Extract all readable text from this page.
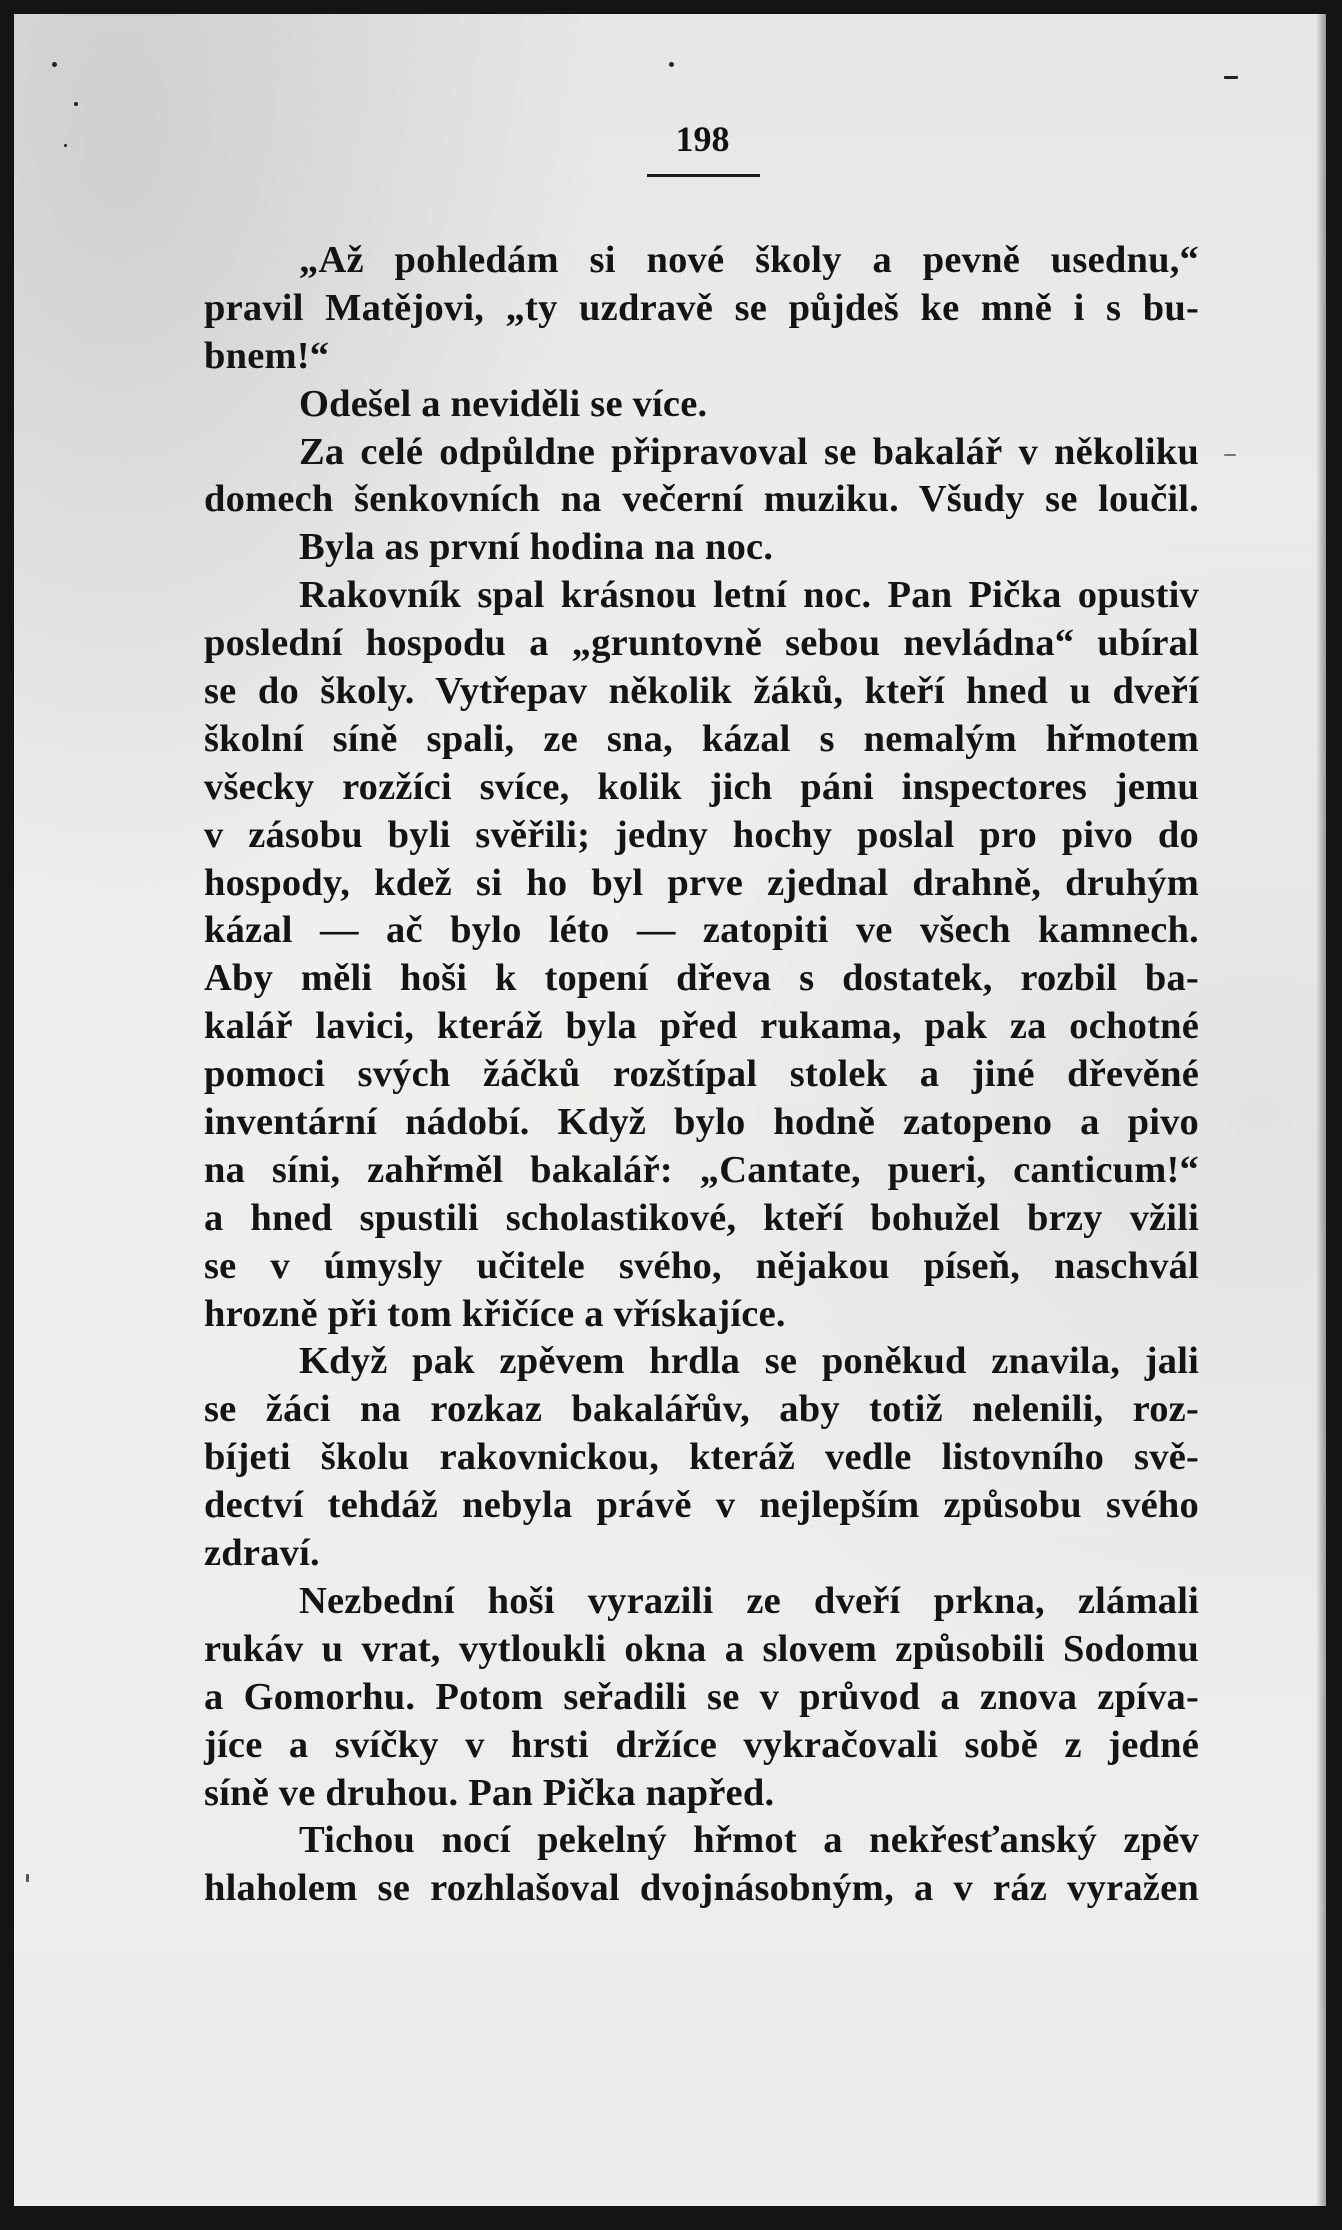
198
„Až pohledám si nové školy a pevně usednu,“
pravil Matějovi, „ty uzdravě se půjdeš ke mně i s bu-
bnem!“
Odešel a neviděli se více.
Za celé odpůldne připravoval se bakalář v několiku
domech šenkovních na večerní muziku. Všudy se loučil.
Byla as první hodina na noc.
Rakovník spal krásnou letní noc. Pan Pička opustiv
poslední hospodu a „gruntovně sebou nevládna“ ubíral
se do školy. Vytřepav několik žáků, kteří hned u dveří
školní síně spali, ze sna, kázal s nemalým hřmotem
všecky rozžíci svíce, kolik jich páni inspectores jemu
v zásobu byli svěřili; jedny hochy poslal pro pivo do
hospody, kdež si ho byl prve zjednal drahně, druhým
kázal — ač bylo léto — zatopiti ve všech kamnech.
Aby měli hoši k topení dřeva s dostatek, rozbil ba-
kalář lavici, kteráž byla před rukama, pak za ochotné
pomoci svých žáčků rozštípal stolek a jiné dřevěné
inventární nádobí. Když bylo hodně zatopeno a pivo
na síni, zahřměl bakalář: „Cantate, pueri, canticum!“
a hned spustili scholastikové, kteří bohužel brzy vžili
se v úmysly učitele svého, nějakou píseň, naschvál
hrozně při tom křičíce a vřískajíce.
Když pak zpěvem hrdla se poněkud znavila, jali
se žáci na rozkaz bakalářův, aby totiž nelenili, roz-
bíjeti školu rakovnickou, kteráž vedle listovního svě-
dectví tehdáž nebyla právě v nejlepším způsobu svého
zdraví.
Nezbední hoši vyrazili ze dveří prkna, zlámali
rukáv u vrat, vytloukli okna a slovem způsobili Sodomu
a Gomorhu. Potom seřadili se v průvod a znova zpíva-
jíce a svíčky v hrsti držíce vykračovali sobě z jedné
síně ve druhou. Pan Pička napřed.
Tichou nocí pekelný hřmot a nekřesťanský zpěv
hlaholem se rozhlašoval dvojnásobným, a v ráz vyražen
